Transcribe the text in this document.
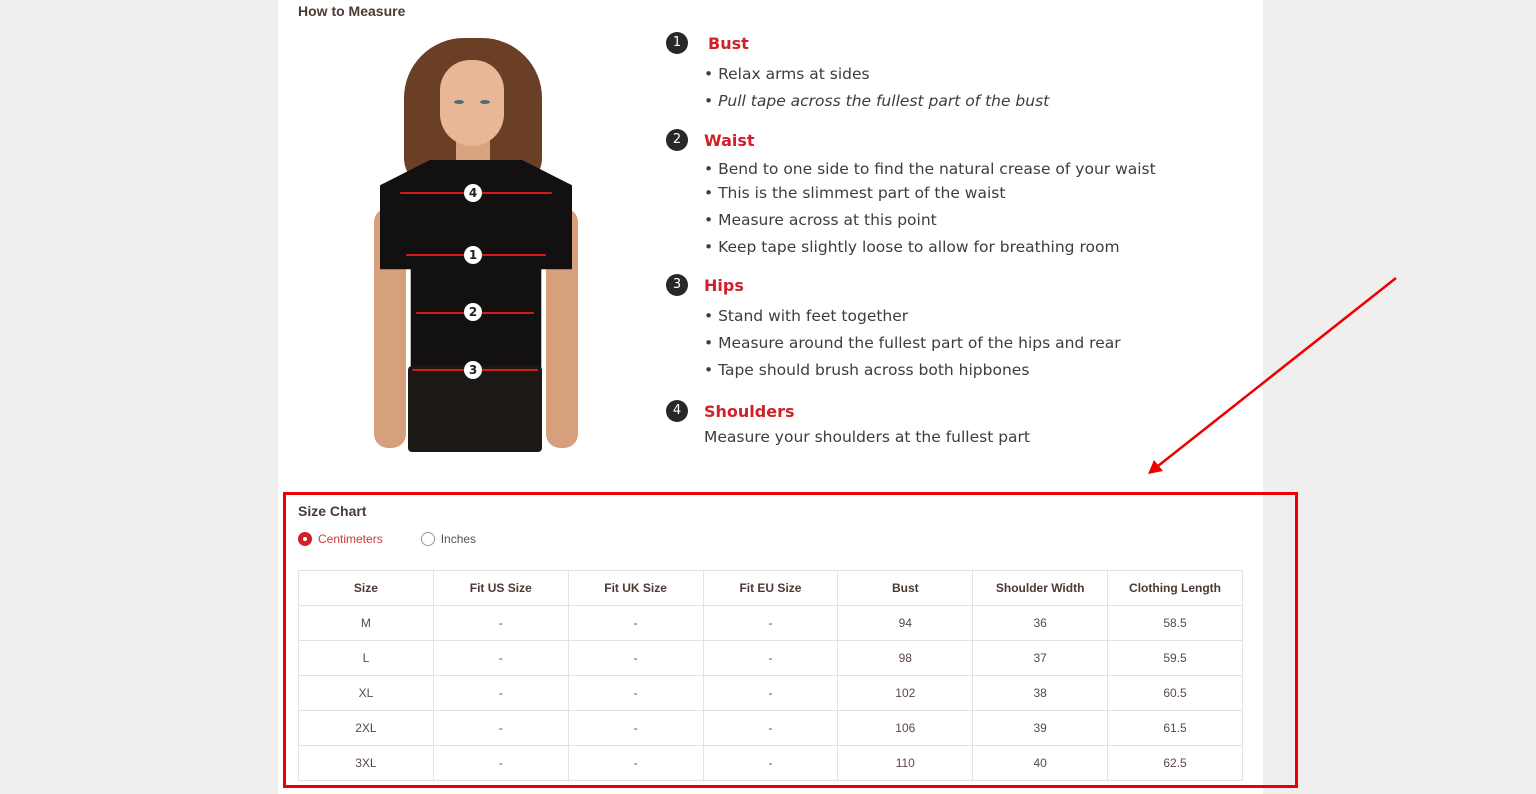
How to Measure
4
1
2
3
1	Bust
• Relax arms at sides
• Pull tape across the fullest part of the bust
2	Waist
• Bend to one side to find the natural crease of your waist
• This is the slimmest part of the waist
• Measure across at this point
• Keep tape slightly loose to allow for breathing room
3	Hips
• Stand with feet together
• Measure around the fullest part of the hips and rear
• Tape should brush across both hipbones
4	Shoulders
Measure your shoulders at the fullest part
Size Chart
Centimeters	Inches
Size	Fit US Size	Fit UK Size	Fit EU Size	Bust	Shoulder Width	Clothing Length
M	-	-	-	94	36	58.5
L	-	-	-	98	37	59.5
XL	-	-	-	102	38	60.5
2XL	-	-	-	106	39	61.5
3XL	-	-	-	110	40	62.5
